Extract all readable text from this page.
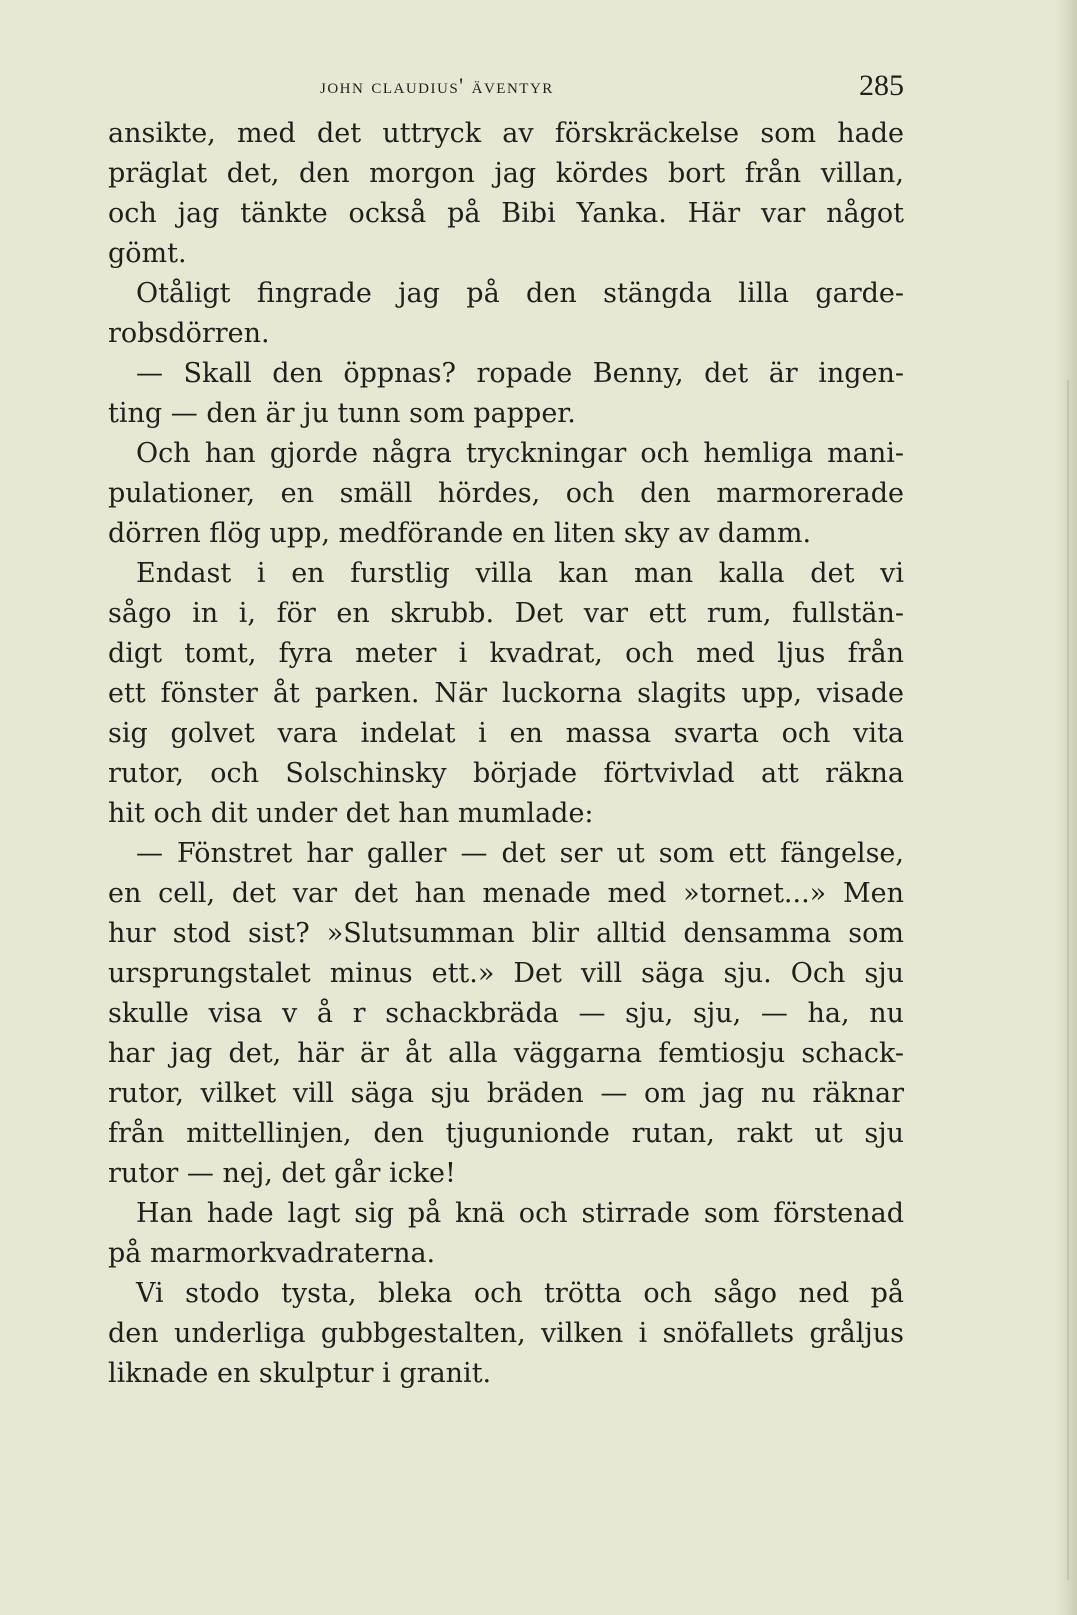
john claudius' äventyr	285
ansikte, med det uttryck av förskräckelse som hade
präglat det, den morgon jag kördes bort från villan,
och jag tänkte också på Bibi Yanka. Här var något
gömt.
Otåligt fingrade jag på den stängda lilla garde-
robsdörren.
— Skall den öppnas? ropade Benny, det är ingen-
ting — den är ju tunn som papper.
Och han gjorde några tryckningar och hemliga mani-
pulationer, en smäll hördes, och den marmorerade
dörren flög upp, medförande en liten sky av damm.
Endast i en furstlig villa kan man kalla det vi
sågo in i, för en skrubb. Det var ett rum, fullstän-
digt tomt, fyra meter i kvadrat, och med ljus från
ett fönster åt parken. När luckorna slagits upp, visade
sig golvet vara indelat i en massa svarta och vita
rutor, och Solschinsky började förtvivlad att räkna
hit och dit under det han mumlade:
— Fönstret har galler — det ser ut som ett fängelse,
en cell, det var det han menade med »tornet...» Men
hur stod sist? »Slutsumman blir alltid densamma som
ursprungstalet minus ett.» Det vill säga sju. Och sju
skulle visa v å r schackbräda — sju, sju, — ha, nu
har jag det, här är åt alla väggarna femtiosju schack-
rutor, vilket vill säga sju bräden — om jag nu räknar
från mittellinjen, den tjugunionde rutan, rakt ut sju
rutor — nej, det går icke!
Han hade lagt sig på knä och stirrade som förstenad
på marmorkvadraterna.
Vi stodo tysta, bleka och trötta och sågo ned på
den underliga gubbgestalten, vilken i snöfallets gråljus
liknade en skulptur i granit.
